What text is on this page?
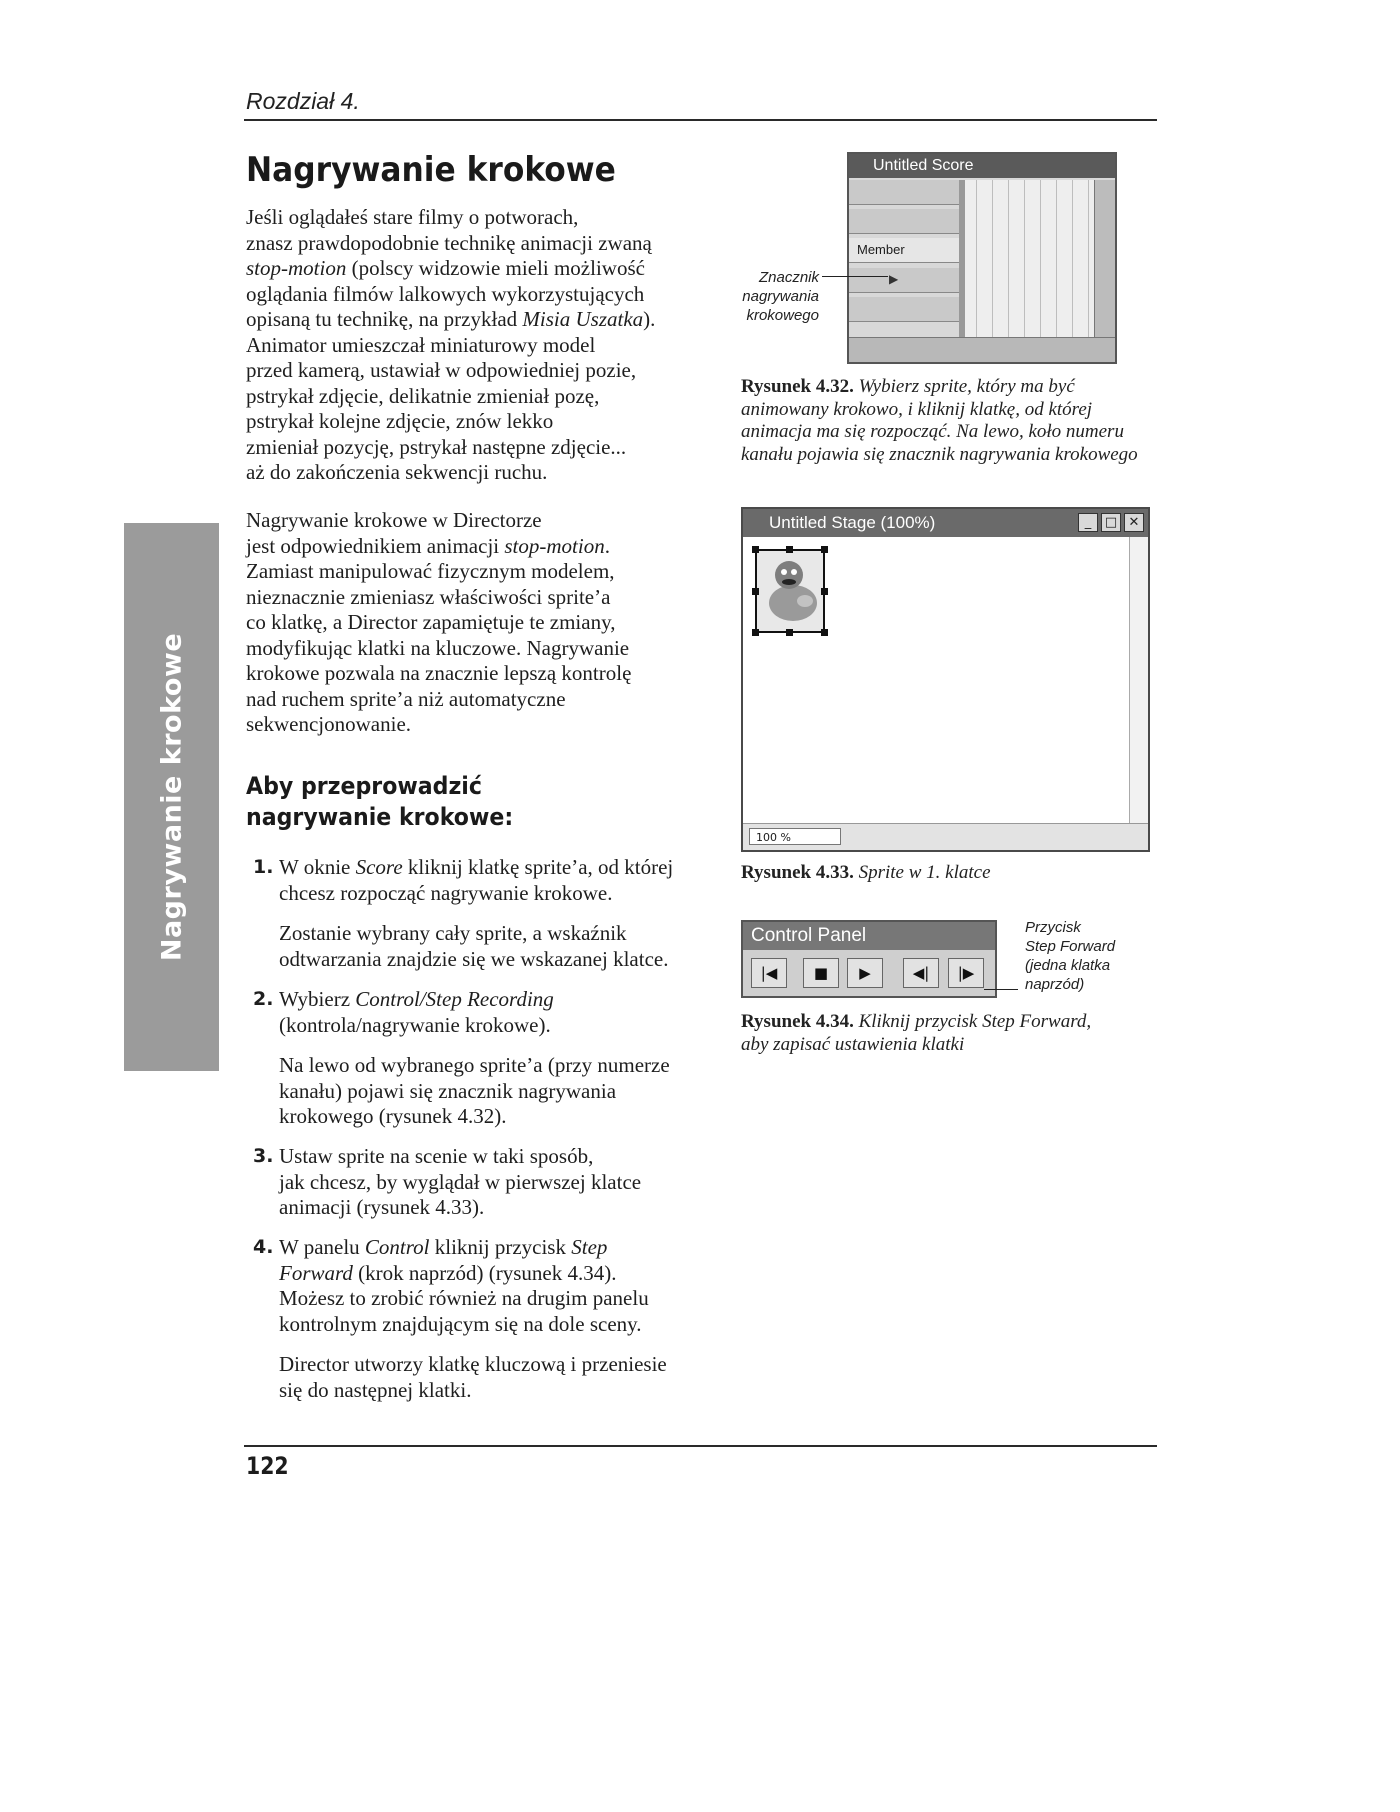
Rozdział 4.
Nagrywanie krokowe
Nagrywanie krokowe
Jeśli oglądałeś stare filmy o potworach,
znasz prawdopodobnie technikę animacji zwaną
stop-motion (polscy widzowie mieli możliwość
oglądania filmów lalkowych wykorzystujących
opisaną tu technikę, na przykład Misia Uszatka).
Animator umieszczał miniaturowy model
przed kamerą, ustawiał w odpowiedniej pozie,
pstrykał zdjęcie, delikatnie zmieniał pozę,
pstrykał kolejne zdjęcie, znów lekko
zmieniał pozycję, pstrykał następne zdjęcie...
aż do zakończenia sekwencji ruchu.
Nagrywanie krokowe w Directorze
jest odpowiednikiem animacji stop-motion.
Zamiast manipulować fizycznym modelem,
nieznacznie zmieniasz właściwości sprite’a
co klatkę, a Director zapamiętuje te zmiany,
modyfikując klatki na kluczowe. Nagrywanie
krokowe pozwala na znacznie lepszą kontrolę
nad ruchem sprite’a niż automatyczne
sekwencjonowanie.
Aby przeprowadzić
nagrywanie krokowe:
1. W oknie Score kliknij klatkę sprite’a, od której
chcesz rozpocząć nagrywanie krokowe.
Zostanie wybrany cały sprite, a wskaźnik
odtwarzania znajdzie się we wskazanej klatce.
2. Wybierz Control/Step Recording
(kontrola/nagrywanie krokowe).
Na lewo od wybranego sprite’a (przy numerze
kanału) pojawi się znacznik nagrywania
krokowego (rysunek 4.32).
3. Ustaw sprite na scenie w taki sposób,
jak chcesz, by wyglądał w pierwszej klatce
animacji (rysunek 4.33).
4. W panelu Control kliknij przycisk Step
Forward (krok naprzód) (rysunek 4.34).
Możesz to zrobić również na drugim panelu
kontrolnym znajdującym się na dole sceny.
Director utworzy klatkę kluczową i przeniesie
się do następnej klatki.
Untitled Score
Member
▶
Znacznik
nagrywania
krokowego
Rysunek 4.32. Wybierz sprite, który ma być
animowany krokowo, i kliknij klatkę, od której
animacja ma się rozpocząć. Na lewo, koło numeru
kanału pojawia się znacznik nagrywania krokowego
Untitled Stage (100%)	_	□ ✕
100 %
Rysunek 4.33. Sprite w 1. klatce
Control Panel
|◀	■	▶	◀|	|▶
Przycisk
Step Forward
(jedna klatka
naprzód)
Rysunek 4.34. Kliknij przycisk Step Forward,
aby zapisać ustawienia klatki
122
